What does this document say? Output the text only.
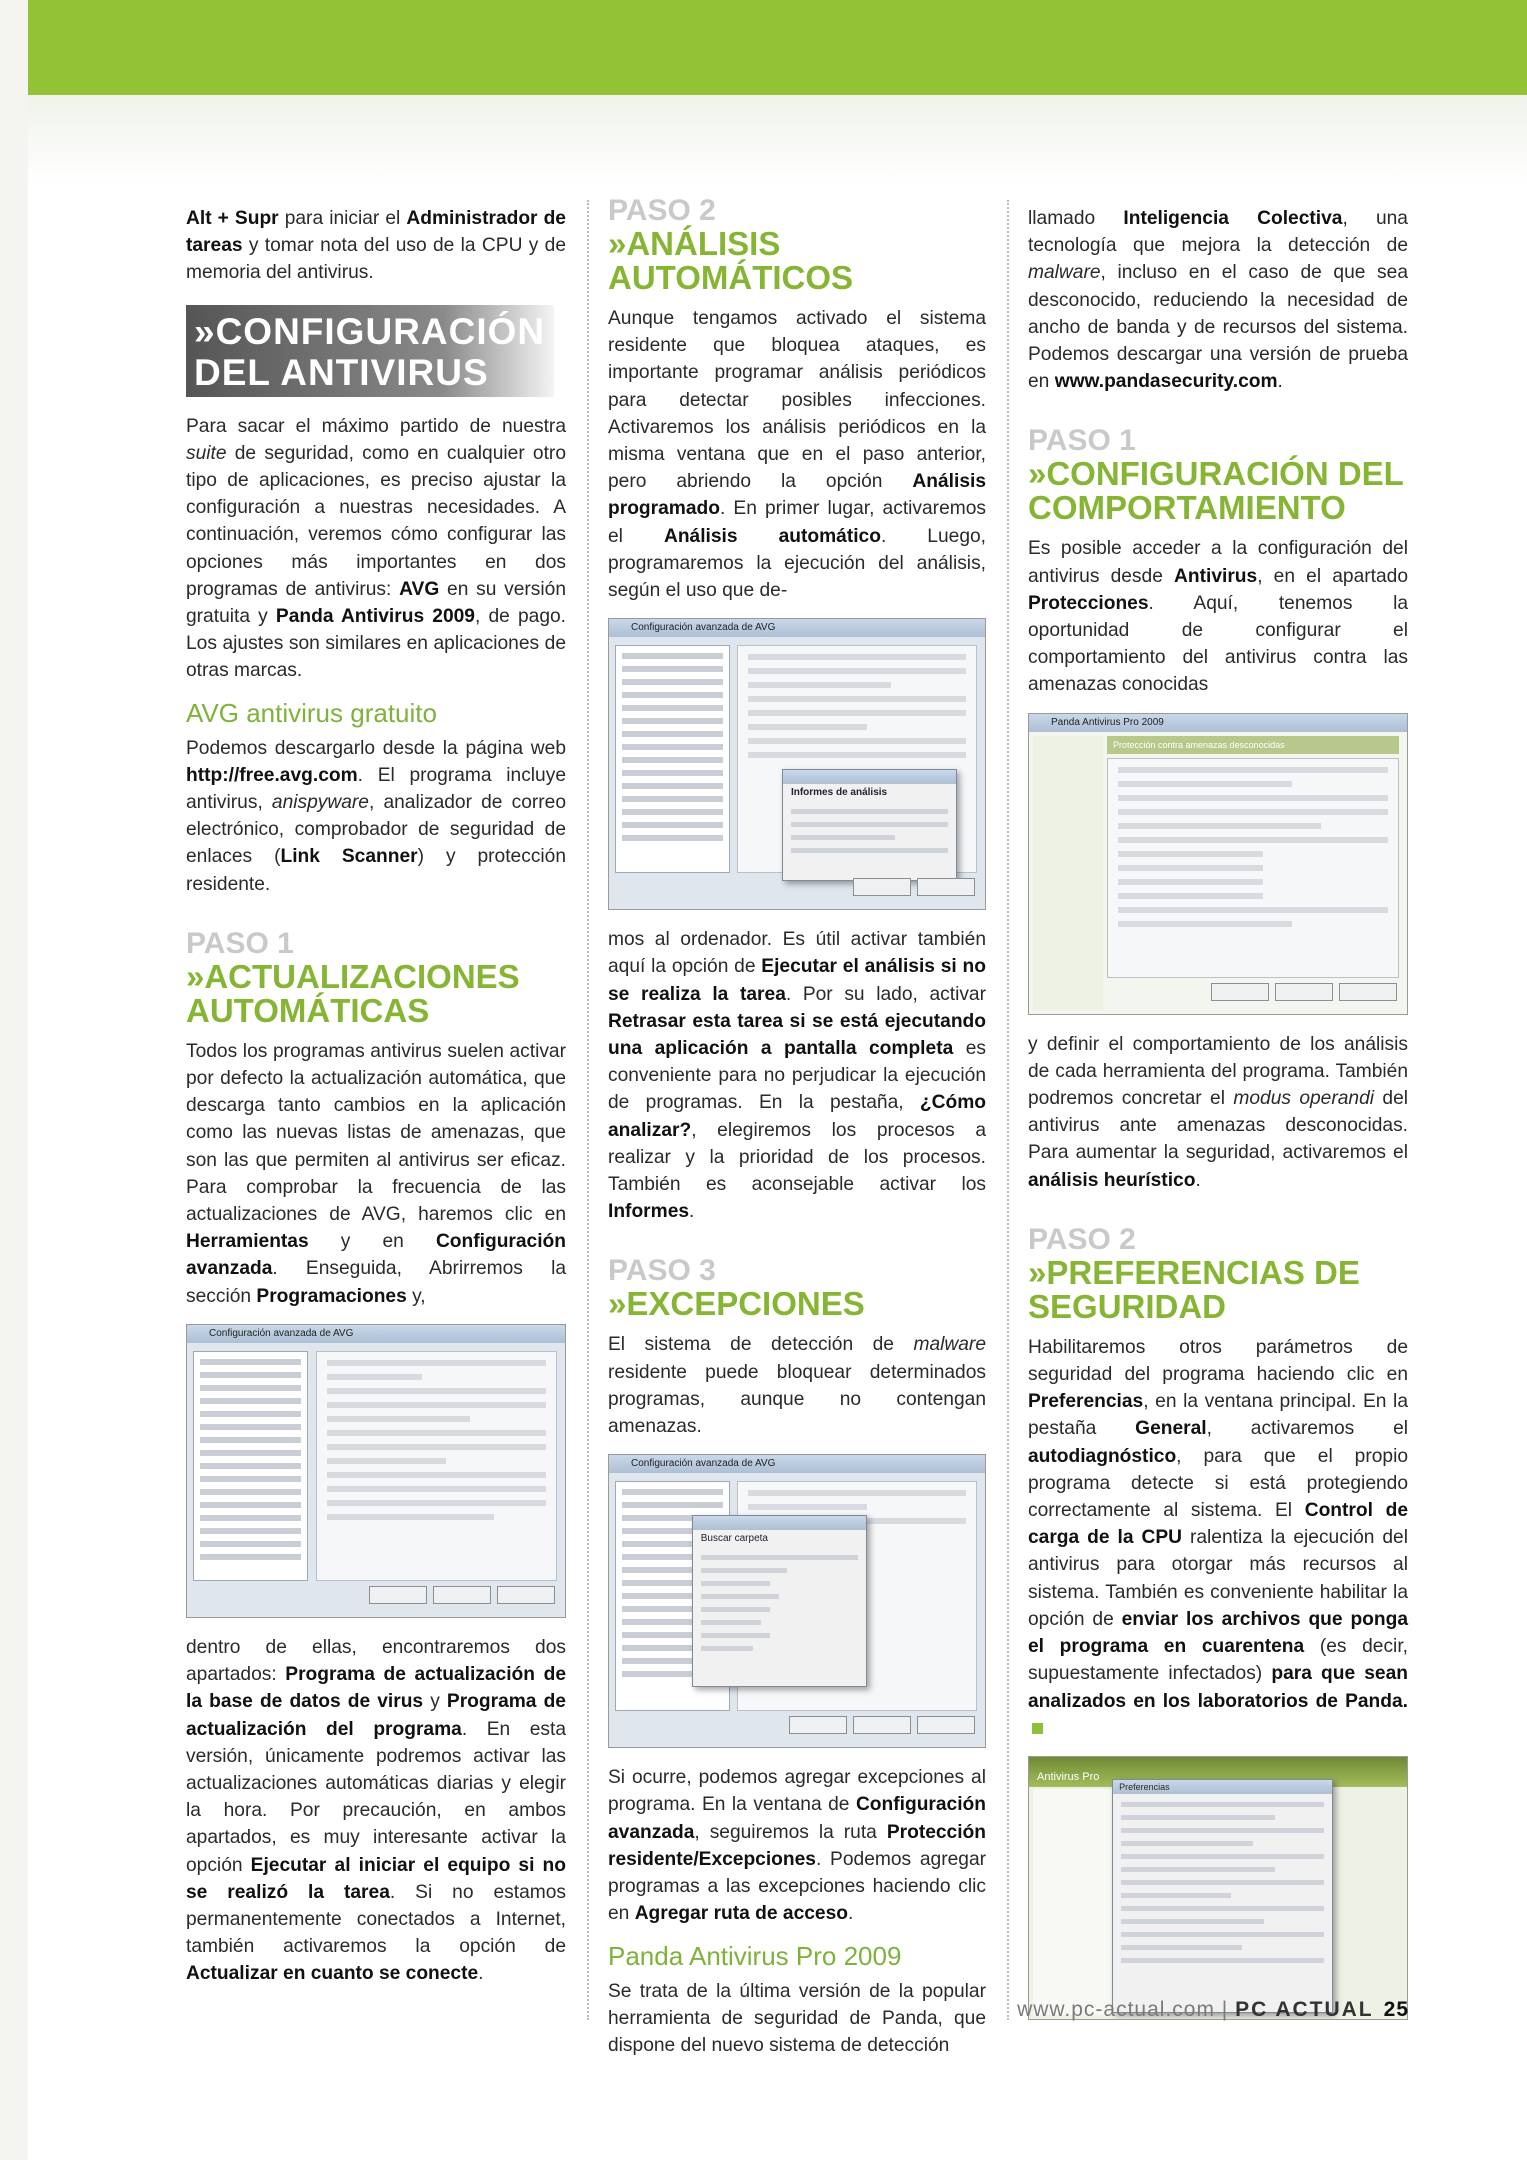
Alt + Supr para iniciar el Administrador de tareas y tomar nota del uso de la CPU y de memoria del antivirus.

»CONFIGURACIÓN DEL ANTIVIRUS

Para sacar el máximo partido de nuestra suite de seguridad, como en cualquier otro tipo de aplicaciones, es preciso ajustar la configuración a nuestras necesidades. A continuación, veremos cómo configurar las opciones más importantes en dos programas de antivirus: AVG en su versión gratuita y Panda Antivirus 2009, de pago. Los ajustes son similares en aplicaciones de otras marcas.

AVG antivirus gratuito

Podemos descargarlo desde la página web http://free.avg.com. El programa incluye antivirus, anispyware, analizador de correo electrónico, comprobador de seguridad de enlaces (Link Scanner) y protección residente.

PASO 1
»ACTUALIZACIONES AUTOMÁTICAS

Todos los programas antivirus suelen activar por defecto la actualización automática, que descarga tanto cambios en la aplicación como las nuevas listas de amenazas, que son las que permiten al antivirus ser eficaz. Para comprobar la frecuencia de las actualizaciones de AVG, haremos clic en Herramientas y en Configuración avanzada. Enseguida, Abrirremos la sección Programaciones y,

Configuración avanzada de AVG

dentro de ellas, encontraremos dos apartados: Programa de actualización de la base de datos de virus y Programa de actualización del programa. En esta versión, únicamente podremos activar las actualizaciones automáticas diarias y elegir la hora. Por precaución, en ambos apartados, es muy interesante activar la opción Ejecutar al iniciar el equipo si no se realizó la tarea. Si no estamos permanentemente conectados a Internet, también activaremos la opción de Actualizar en cuanto se conecte.

PASO 2
»ANÁLISIS AUTOMÁTICOS

Aunque tengamos activado el sistema residente que bloquea ataques, es importante programar análisis periódicos para detectar posibles infecciones. Activaremos los análisis periódicos en la misma ventana que en el paso anterior, pero abriendo la opción Análisis programado. En primer lugar, activaremos el Análisis automático. Luego, programaremos la ejecución del análisis, según el uso que de-

Configuración avanzada de AVG
Informes de análisis

mos al ordenador. Es útil activar también aquí la opción de Ejecutar el análisis si no se realiza la tarea. Por su lado, activar Retrasar esta tarea si se está ejecutando una aplicación a pantalla completa es conveniente para no perjudicar la ejecución de programas. En la pestaña, ¿Cómo analizar?, elegiremos los procesos a realizar y la prioridad de los procesos. También es aconsejable activar los Informes.

PASO 3
»EXCEPCIONES

El sistema de detección de malware residente puede bloquear determinados programas, aunque no contengan amenazas.

Configuración avanzada de AVG
Buscar carpeta

Si ocurre, podemos agregar excepciones al programa. En la ventana de Configuración avanzada, seguiremos la ruta Protección residente/Excepciones. Podemos agregar programas a las excepciones haciendo clic en Agregar ruta de acceso.

Panda Antivirus Pro 2009

Se trata de la última versión de la popular herramienta de seguridad de Panda, que dispone del nuevo sistema de detección

llamado Inteligencia Colectiva, una tecnología que mejora la detección de malware, incluso en el caso de que sea desconocido, reduciendo la necesidad de ancho de banda y de recursos del sistema. Podemos descargar una versión de prueba en www.pandasecurity.com.

PASO 1
»CONFIGURACIÓN DEL COMPORTAMIENTO

Es posible acceder a la configuración del antivirus desde Antivirus, en el apartado Protecciones. Aquí, tenemos la oportunidad de configurar el comportamiento del antivirus contra las amenazas conocidas

Panda Antivirus Pro 2009
Protección contra amenazas desconocidas

y definir el comportamiento de los análisis de cada herramienta del programa. También podremos concretar el modus operandi del antivirus ante amenazas desconocidas. Para aumentar la seguridad, activaremos el análisis heurístico.

PASO 2
»PREFERENCIAS DE SEGURIDAD

Habilitaremos otros parámetros de seguridad del programa haciendo clic en Preferencias, en la ventana principal. En la pestaña General, activaremos el autodiagnóstico, para que el propio programa detecte si está protegiendo correctamente al sistema. El Control de carga de la CPU ralentiza la ejecución del antivirus para otorgar más recursos al sistema. También es conveniente habilitar la opción de enviar los archivos que ponga el programa en cuarentena (es decir, supuestamente infectados) para que sean analizados en los laboratorios de Panda.

Antivirus Pro
Preferencias
www.pc-actual.com | PC ACTUAL 25
